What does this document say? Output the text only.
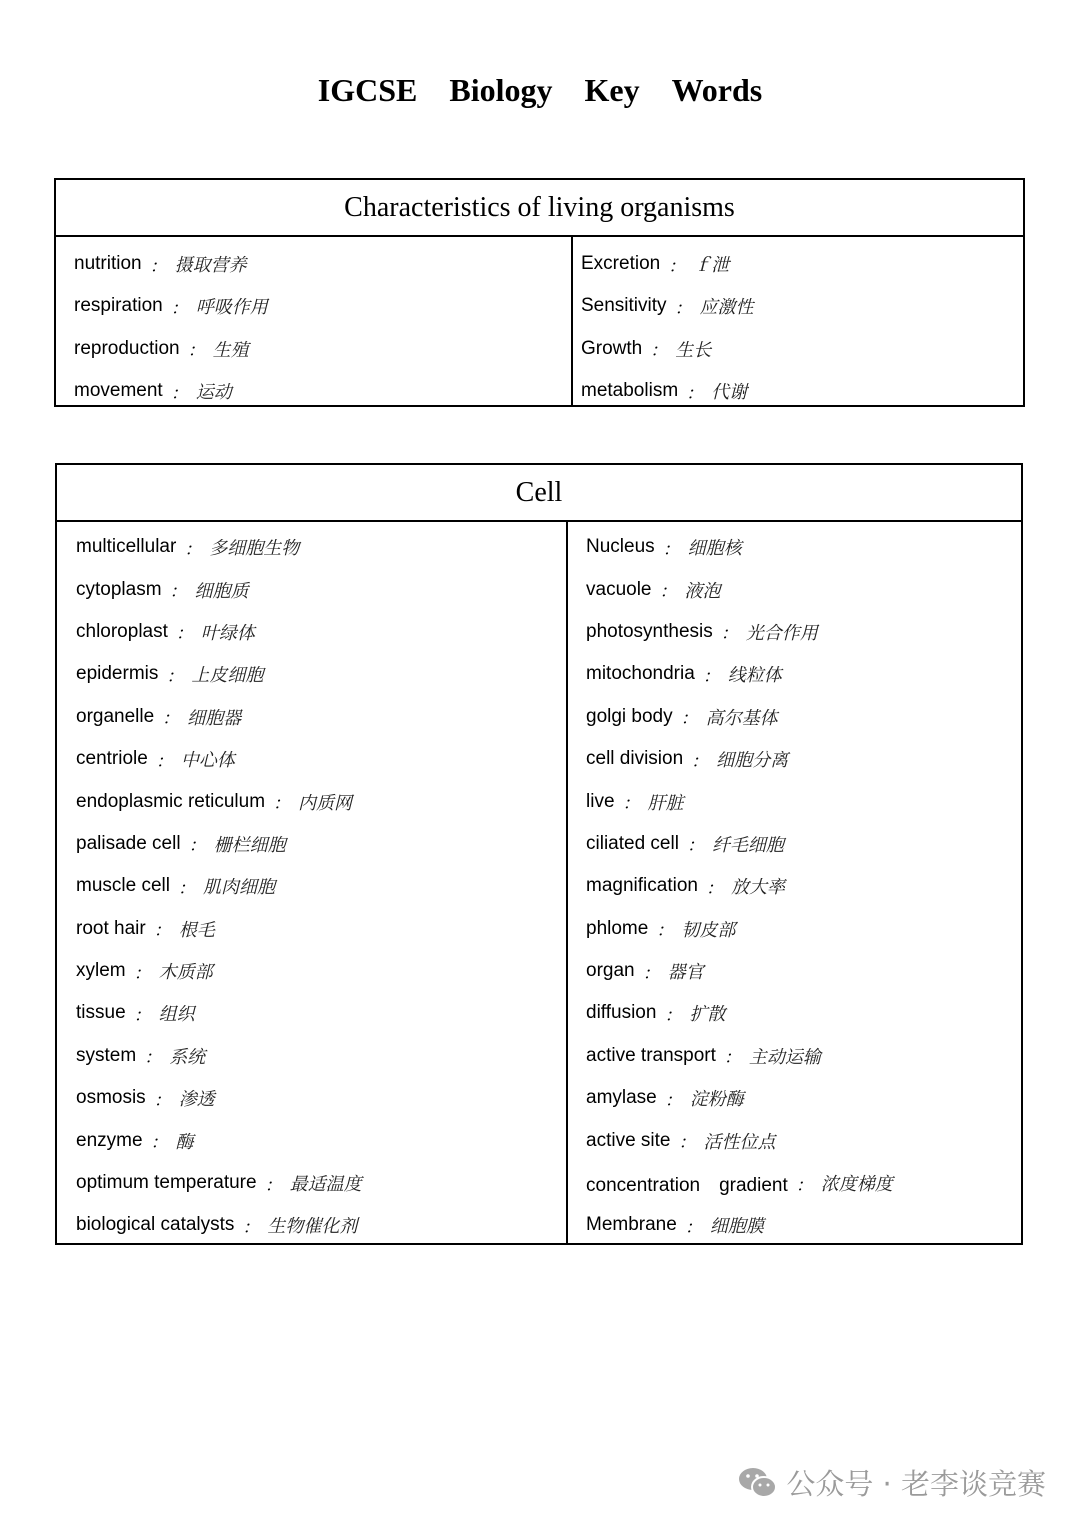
IGCSE Biology Key Words
Characteristics of living organisms
nutrition ： 摄取营养
respiration ： 呼吸作用
reproduction ： 生殖
movement ： 运动
Excretion ： ｆ泄
Sensitivity ： 应激性
Growth ： 生长
metabolism ： 代谢
Cell
multicellular ： 多细胞生物
cytoplasm ： 细胞质
chloroplast ： 叶绿体
epidermis ： 上皮细胞
organelle ： 细胞器
centriole ： 中心体
endoplasmic reticulum ： 内质网
palisade cell ： 栅栏细胞
muscle cell ： 肌肉细胞
root hair ： 根毛
xylem ： 木质部
tissue ： 组织
system ： 系统
osmosis ： 渗透
enzyme ： 酶
optimum temperature ： 最适温度
biological catalysts ： 生物催化剂
Nucleus ： 细胞核
vacuole ： 液泡
photosynthesis ： 光合作用
mitochondria ： 线粒体
golgi body ： 高尔基体
cell division ： 细胞分离
live ： 肝脏
ciliated cell ： 纤毛细胞
magnification ： 放大率
phlome ： 韧皮部
organ ： 器官
diffusion ： 扩散
active transport ： 主动运输
amylase ： 淀粉酶
active site ： 活性位点
concentration　gradient ： 浓度梯度
Membrane ： 细胞膜
公众号 · 老李谈竞赛
